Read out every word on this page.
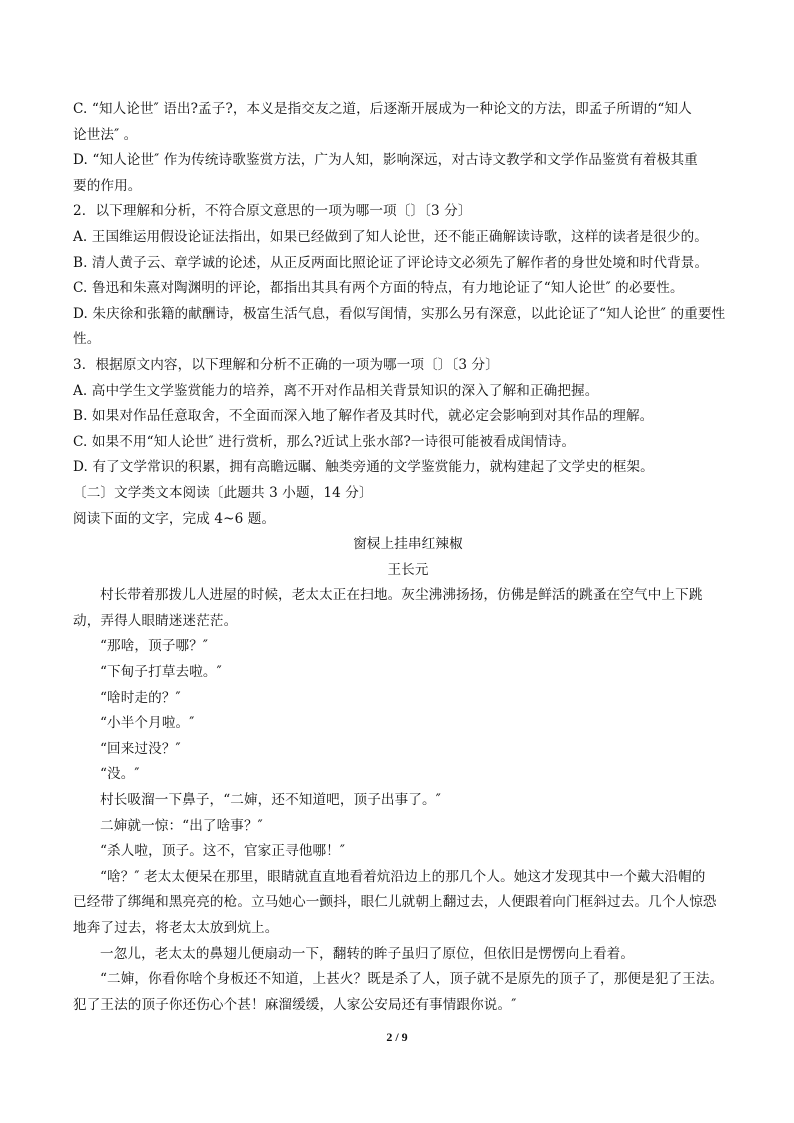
C. “知人论世″ 语出?孟子?，本义是指交友之道，后逐渐开展成为一种论文的方法，即孟子所谓的“知人
论世法″ 。
D. “知人论世″ 作为传统诗歌鉴赏方法，广为人知，影响深远，对古诗文教学和文学作品鉴赏有着极其重
要的作用。
2．以下理解和分析，不符合原文意思的一项为哪一项〔〕〔3 分〕
A. 王国维运用假设论证法指出，如果已经做到了知人论世，还不能正确解读诗歌，这样的读者是很少的。
B. 清人黄子云、章学诚的论述，从正反两面比照论证了评论诗文必须先了解作者的身世处境和时代背景。
C. 鲁迅和朱熹对陶渊明的评论，都指出其具有两个方面的特点，有力地论证了“知人论世″ 的必要性。
D. 朱庆徐和张籍的献酬诗，极富生活气息，看似写闺情，实那么另有深意，以此论证了“知人论世″ 的重要性
性。
3．根据原文内容，以下理解和分析不正确的一项为哪一项〔〕〔3 分〕
A. 高中学生文学鉴赏能力的培养，离不开对作品相关背景知识的深入了解和正确把握。
B. 如果对作品任意取舍，不全面而深入地了解作者及其时代，就必定会影响到对其作品的理解。
C. 如果不用“知人论世″ 进行赏析，那么?近试上张水部?一诗很可能被看成闺情诗。
D. 有了文学常识的积累，拥有高瞻远瞩、触类旁通的文学鉴赏能力，就构建起了文学史的框架。
〔二〕文学类文本阅读〔此题共 3 小题，14 分〕
阅读下面的文字，完成 4~6 题。
窗棂上挂串红辣椒
王长元
村长带着那拨儿人进屋的时候，老太太正在扫地。灰尘沸沸扬扬，仿佛是鲜活的跳蚤在空气中上下跳
动，弄得人眼睛迷迷茫茫。
“那啥，顶子哪？″
“下甸子打草去啦。″
“啥时走的？″
“小半个月啦。″
“回来过没？″
“没。″
村长吸溜一下鼻子，“二婶，还不知道吧，顶子出事了。″
二婶就一惊：“出了啥事？″
“杀人啦，顶子。这不，官家正寻他哪！″
“啥？″ 老太太便呆在那里，眼睛就直直地看着炕沿边上的那几个人。她这才发现其中一个戴大沿帽的
已经带了绑绳和黑亮亮的枪。立马她心一颤抖，眼仁儿就朝上翻过去，人便跟着向门框斜过去。几个人惊恐
地奔了过去，将老太太放到炕上。
一忽儿，老太太的鼻翅儿便扇动一下，翻转的眸子虽归了原位，但依旧是愣愣向上看着。
“二婶，你看你啥个身板还不知道，上甚火？既是杀了人，顶子就不是原先的顶子了，那便是犯了王法。
犯了王法的顶子你还伤心个甚！麻溜缓缓，人家公安局还有事情跟你说。″
2 / 9
